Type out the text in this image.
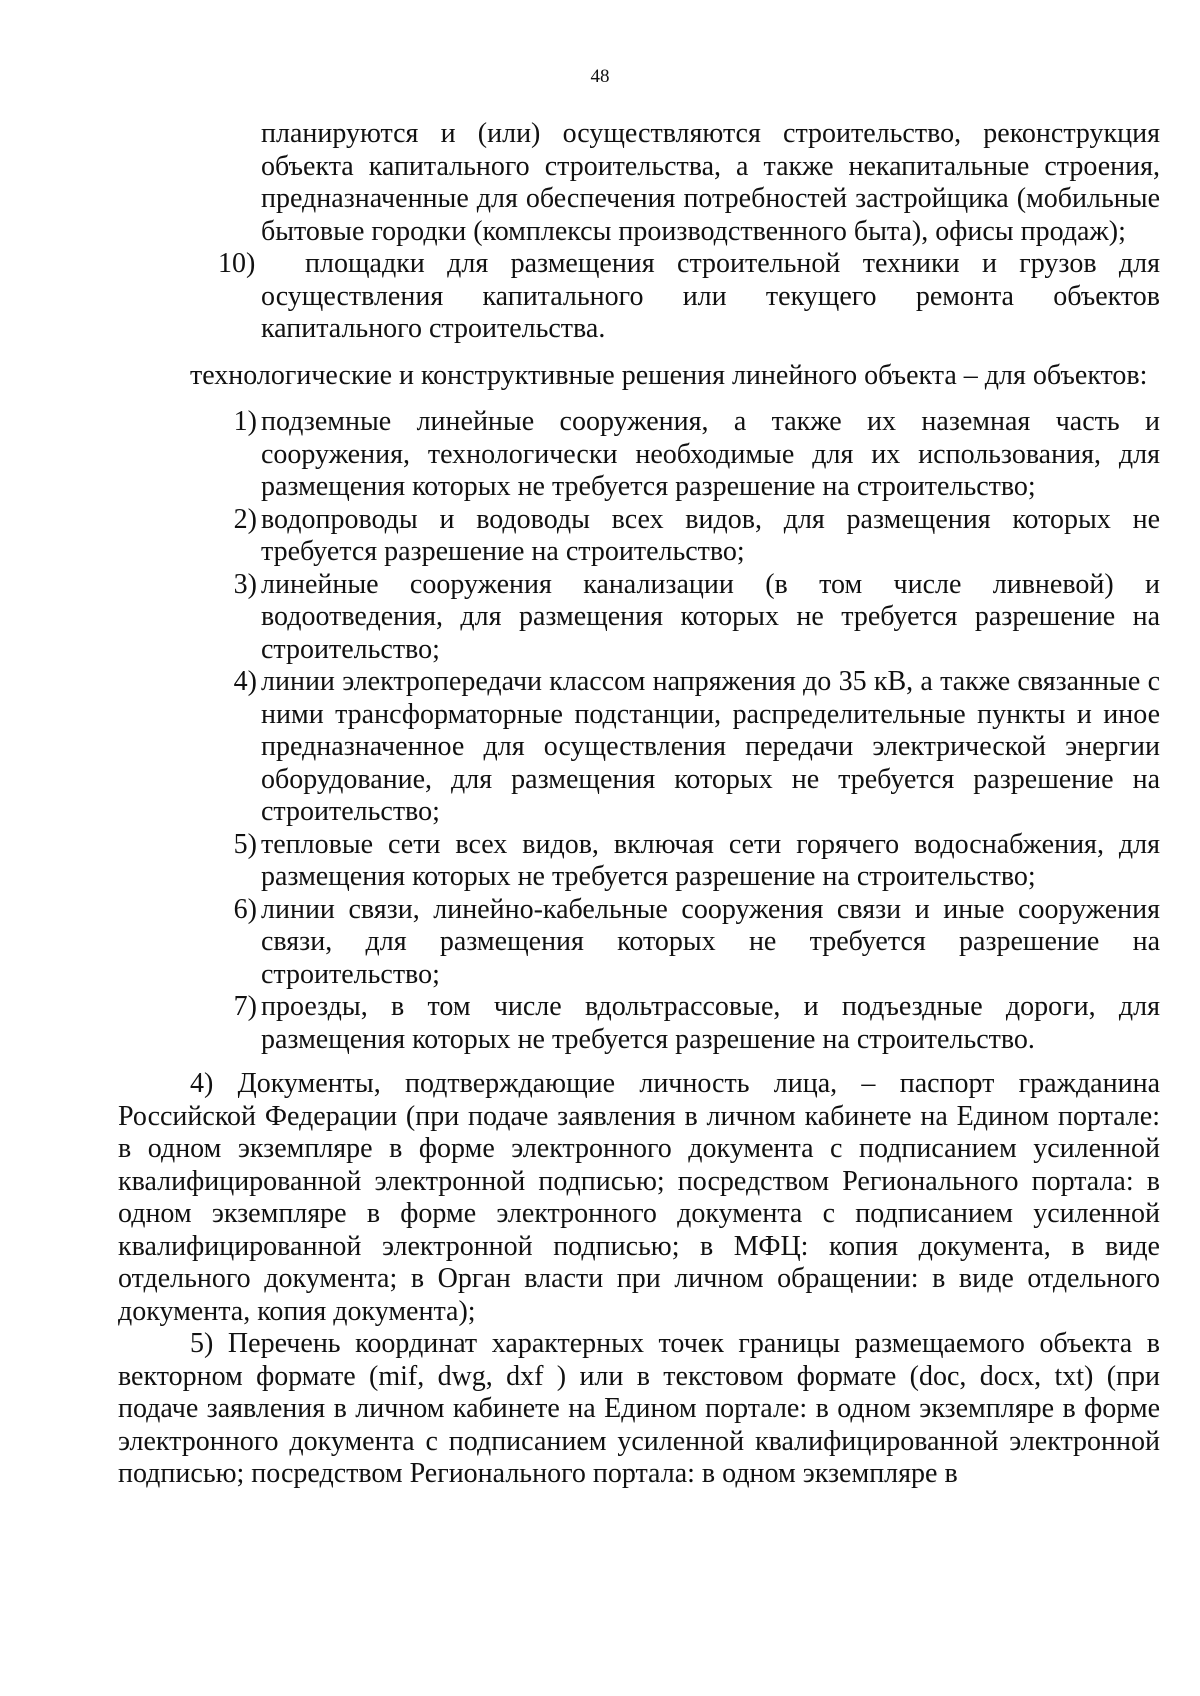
48
планируются и (или) осуществляются строительство, реконструкция объекта капитального строительства, а также некапитальные строения, предназначенные для обеспечения потребностей застройщика (мобильные бытовые городки (комплексы производственного быта), офисы продаж);
10)	площадки для размещения строительной техники и грузов для осуществления капитального или текущего ремонта объектов капитального строительства.

технологические и конструктивные решения линейного объекта – для объектов:

1) подземные линейные сооружения, а также их наземная часть и сооружения, технологически необходимые для их использования, для размещения которых не требуется разрешение на строительство;
2) водопроводы и водоводы всех видов, для размещения которых не требуется разрешение на строительство;
3) линейные сооружения канализации (в том числе ливневой) и водоотведения, для размещения которых не требуется разрешение на строительство;
4) линии электропередачи классом напряжения до 35 кВ, а также связанные с ними трансформаторные подстанции, распределительные пункты и иное предназначенное для осуществления передачи электрической энергии оборудование, для размещения которых не требуется разрешение на строительство;
5) тепловые сети всех видов, включая сети горячего водоснабжения, для размещения которых не требуется разрешение на строительство;
6) линии связи, линейно-кабельные сооружения связи и иные сооружения связи, для размещения которых не требуется разрешение на строительство;
7) проезды, в том числе вдольтрассовые, и подъездные дороги, для размещения которых не требуется разрешение на строительство.

4) Документы, подтверждающие личность лица, – паспорт гражданина Российской Федерации (при подаче заявления в личном кабинете на Едином портале: в одном экземпляре в форме электронного документа с подписанием усиленной квалифицированной электронной подписью; посредством Регионального портала: в одном экземпляре в форме электронного документа с подписанием усиленной квалифицированной электронной подписью; в МФЦ: копия документа, в виде отдельного документа; в Орган власти при личном обращении: в виде отдельного документа, копия документа);

5) Перечень координат характерных точек границы размещаемого объекта в векторном формате (mif, dwg, dxf ) или в текстовом формате (doc, docx, txt) (при подаче заявления в личном кабинете на Едином портале: в одном экземпляре в форме электронного документа с подписанием усиленной квалифицированной электронной подписью; посредством Регионального портала: в одном экземпляре в
